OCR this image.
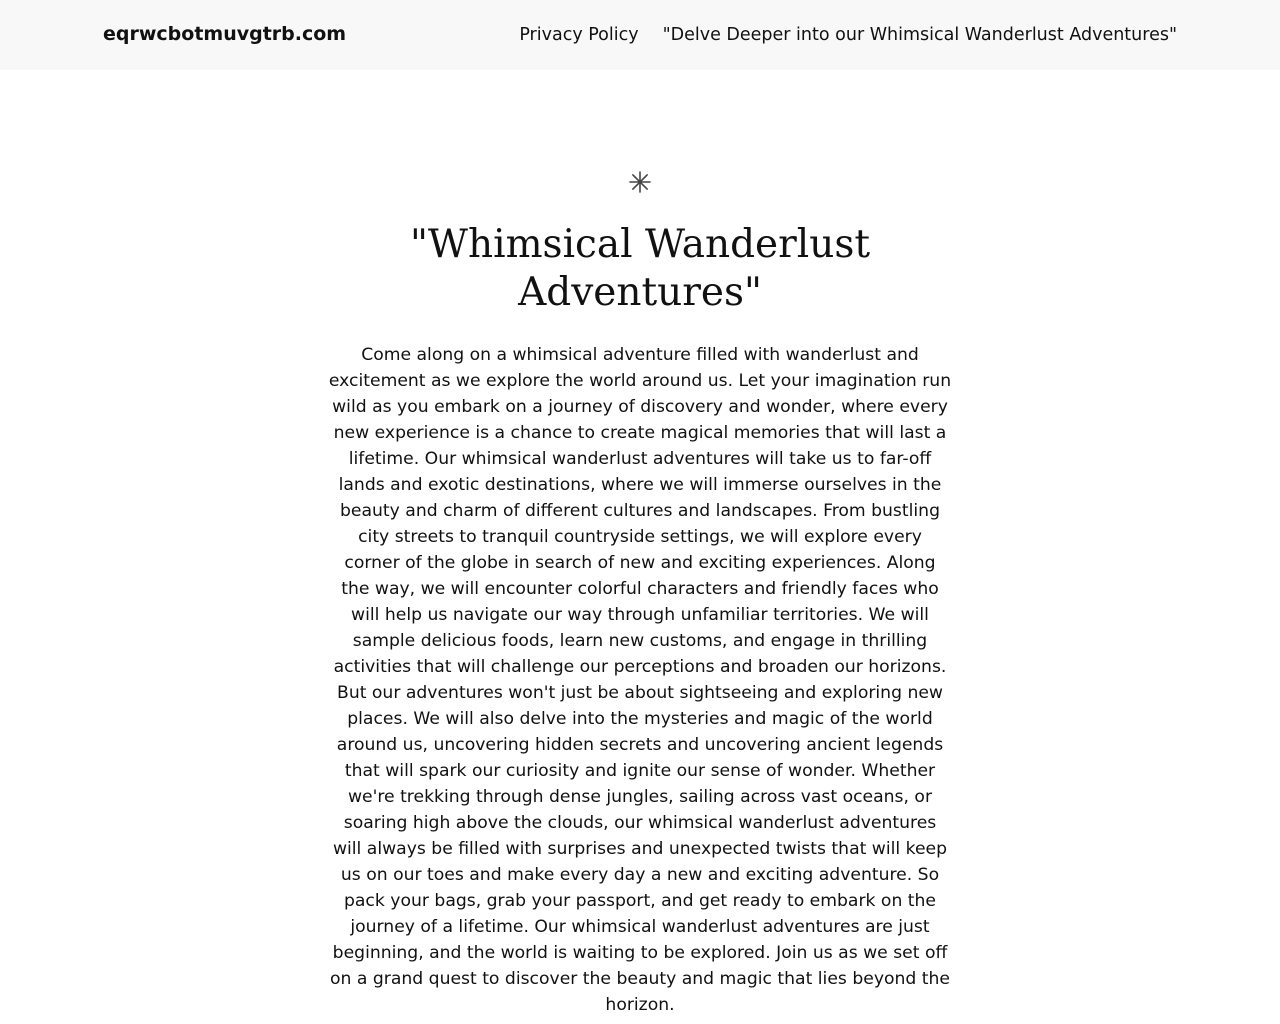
eqrwcbotmuvgtrb.com	Privacy Policy "Delve Deeper into our Whimsical Wanderlust Adventures"
"Whimsical Wanderlust Adventures"

Come along on a whimsical adventure filled with wanderlust and excitement as we explore the world around us. Let your imagination run wild as you embark on a journey of discovery and wonder, where every new experience is a chance to create magical memories that will last a lifetime. Our whimsical wanderlust adventures will take us to far-off lands and exotic destinations, where we will immerse ourselves in the beauty and charm of different cultures and landscapes. From bustling city streets to tranquil countryside settings, we will explore every corner of the globe in search of new and exciting experiences. Along the way, we will encounter colorful characters and friendly faces who will help us navigate our way through unfamiliar territories. We will sample delicious foods, learn new customs, and engage in thrilling activities that will challenge our perceptions and broaden our horizons. But our adventures won't just be about sightseeing and exploring new places. We will also delve into the mysteries and magic of the world around us, uncovering hidden secrets and uncovering ancient legends that will spark our curiosity and ignite our sense of wonder. Whether we're trekking through dense jungles, sailing across vast oceans, or soaring high above the clouds, our whimsical wanderlust adventures will always be filled with surprises and unexpected twists that will keep us on our toes and make every day a new and exciting adventure. So pack your bags, grab your passport, and get ready to embark on the journey of a lifetime. Our whimsical wanderlust adventures are just beginning, and the world is waiting to be explored. Join us as we set off on a grand quest to discover the beauty and magic that lies beyond the horizon.
